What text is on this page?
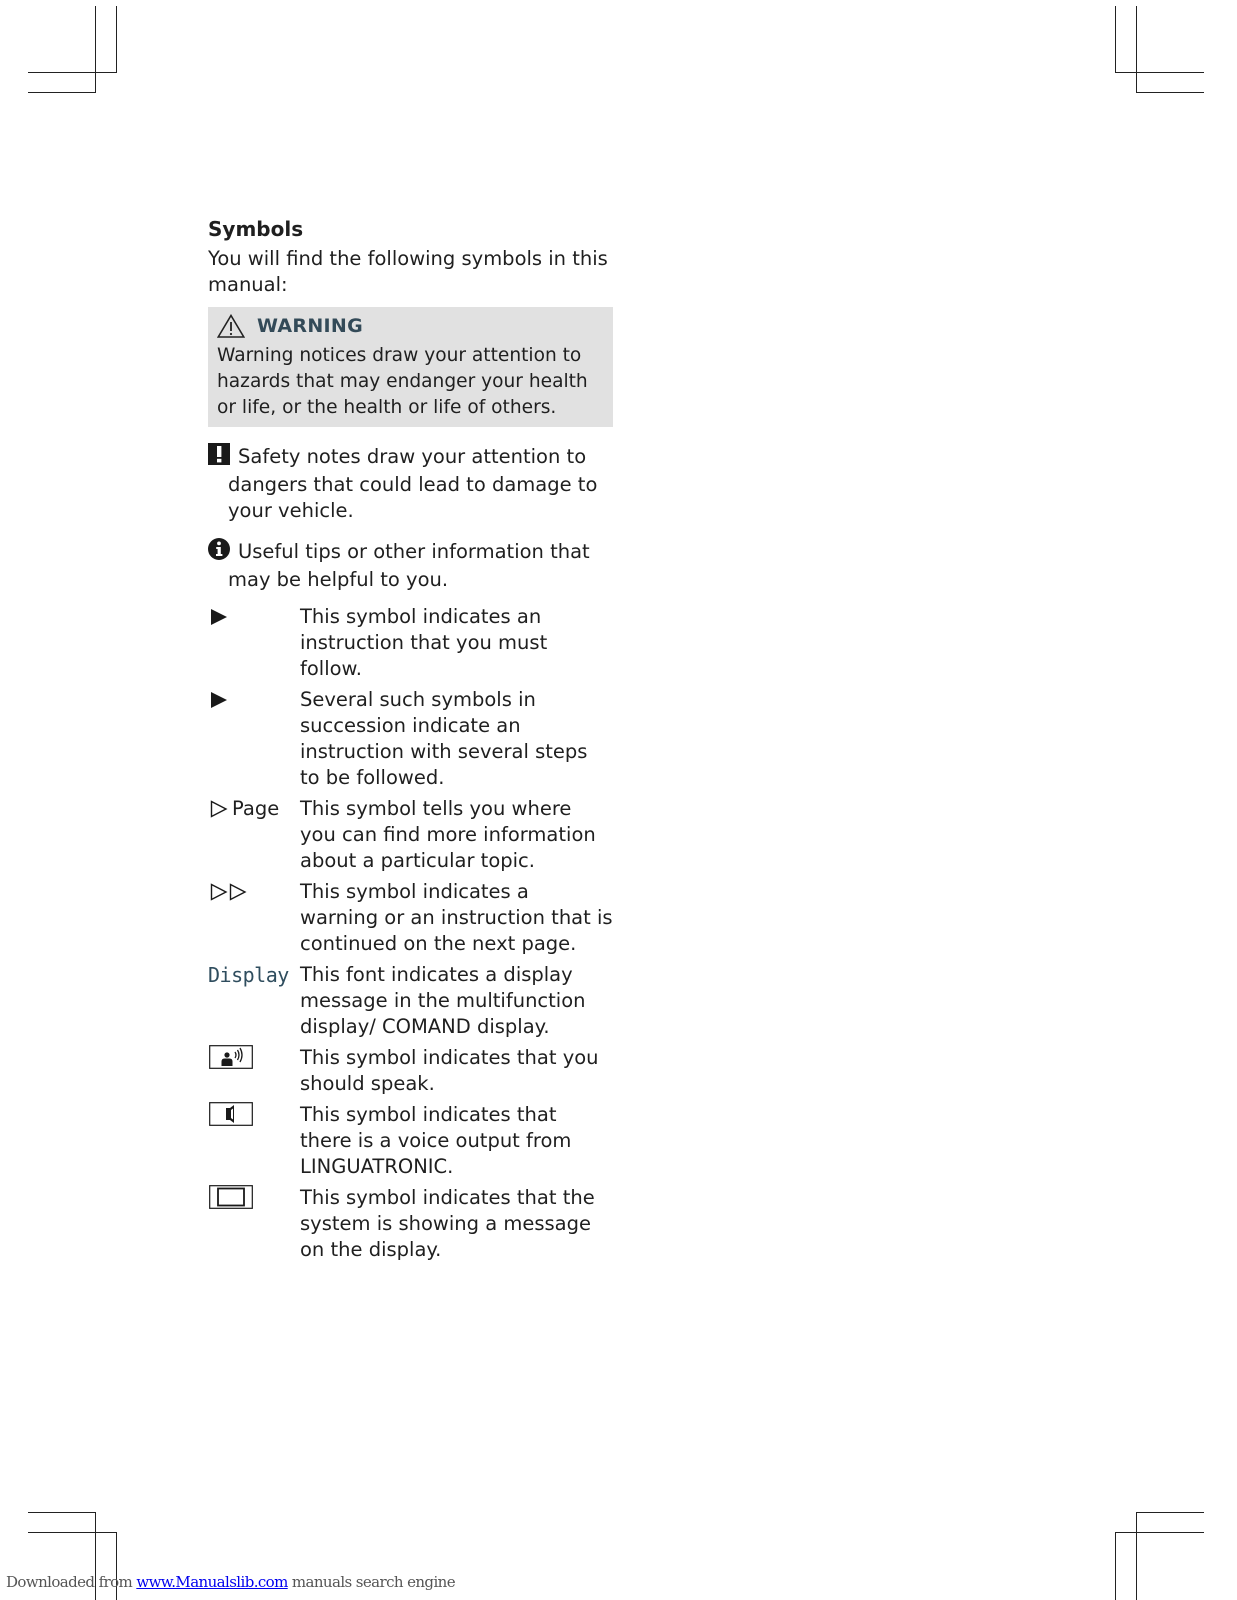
Symbols
You will find the following symbols in this manual:
WARNING
Warning notices draw your attention to hazards that may endanger your health or life, or the health or life of others.
Safety notes draw your attention to dangers that could lead to damage to your vehicle.
Useful tips or other information that may be helpful to you.
This symbol indicates an instruction that you must follow.
Several such symbols in succession indicate an instruction with several steps to be followed.
Page This symbol tells you where you can find more information about a particular topic.
This symbol indicates a warning or an instruction that is continued on the next page.
Display This font indicates a display message in the multifunction display/ COMAND display.
This symbol indicates that you should speak.
This symbol indicates that there is a voice output from LINGUATRONIC.
This symbol indicates that the system is showing a message on the display.
Downloaded from www.Manualslib.com manuals search engine
